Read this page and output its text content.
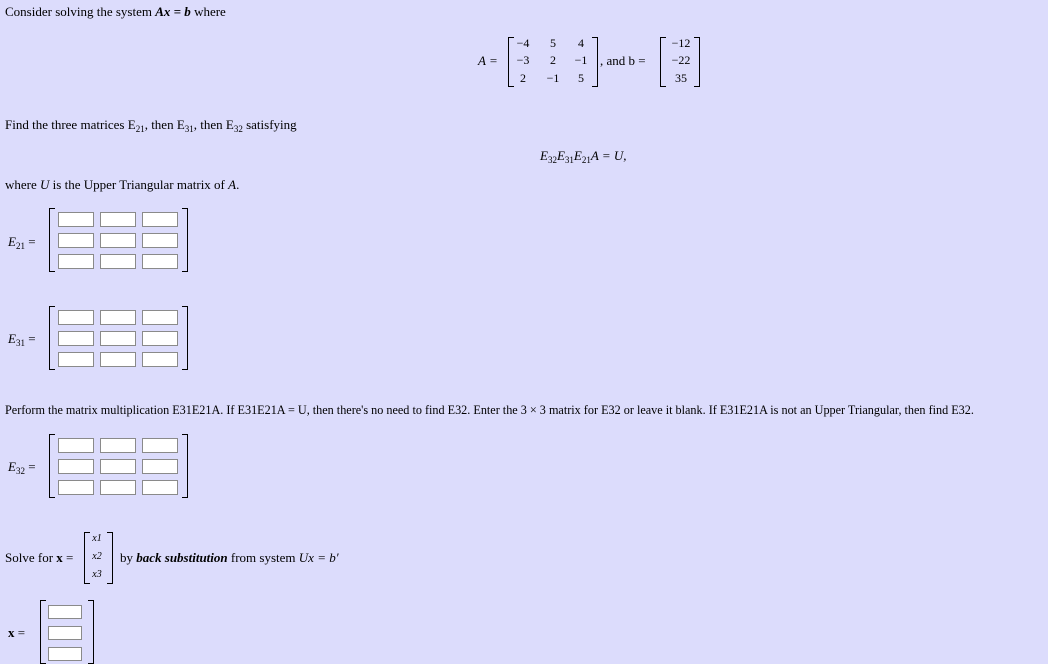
Consider solving the system Ax = b where
A =
−4	5	4
−3	2	−1
2	−1	5
, and b =
−12
−22
35
Find the three matrices $E_{21}$, then $E_{31}$, then $E_{32}$ satisfying
$E_{32}E_{31}E_{21}A = U$,
where U is the Upper Triangular matrix of A.
$E_{21}$ =
$E_{31}$ =
Perform the matrix multiplication E31E21A. If E31E21A = U, then there's no need to find E32. Enter the 3 × 3 matrix for E32 or leave it blank. If E31E21A is not an Upper Triangular, then find E32.
$E_{32}$ =
Solve for x =
x1
x2
x3
by back substitution from system Ux = b′
x =
